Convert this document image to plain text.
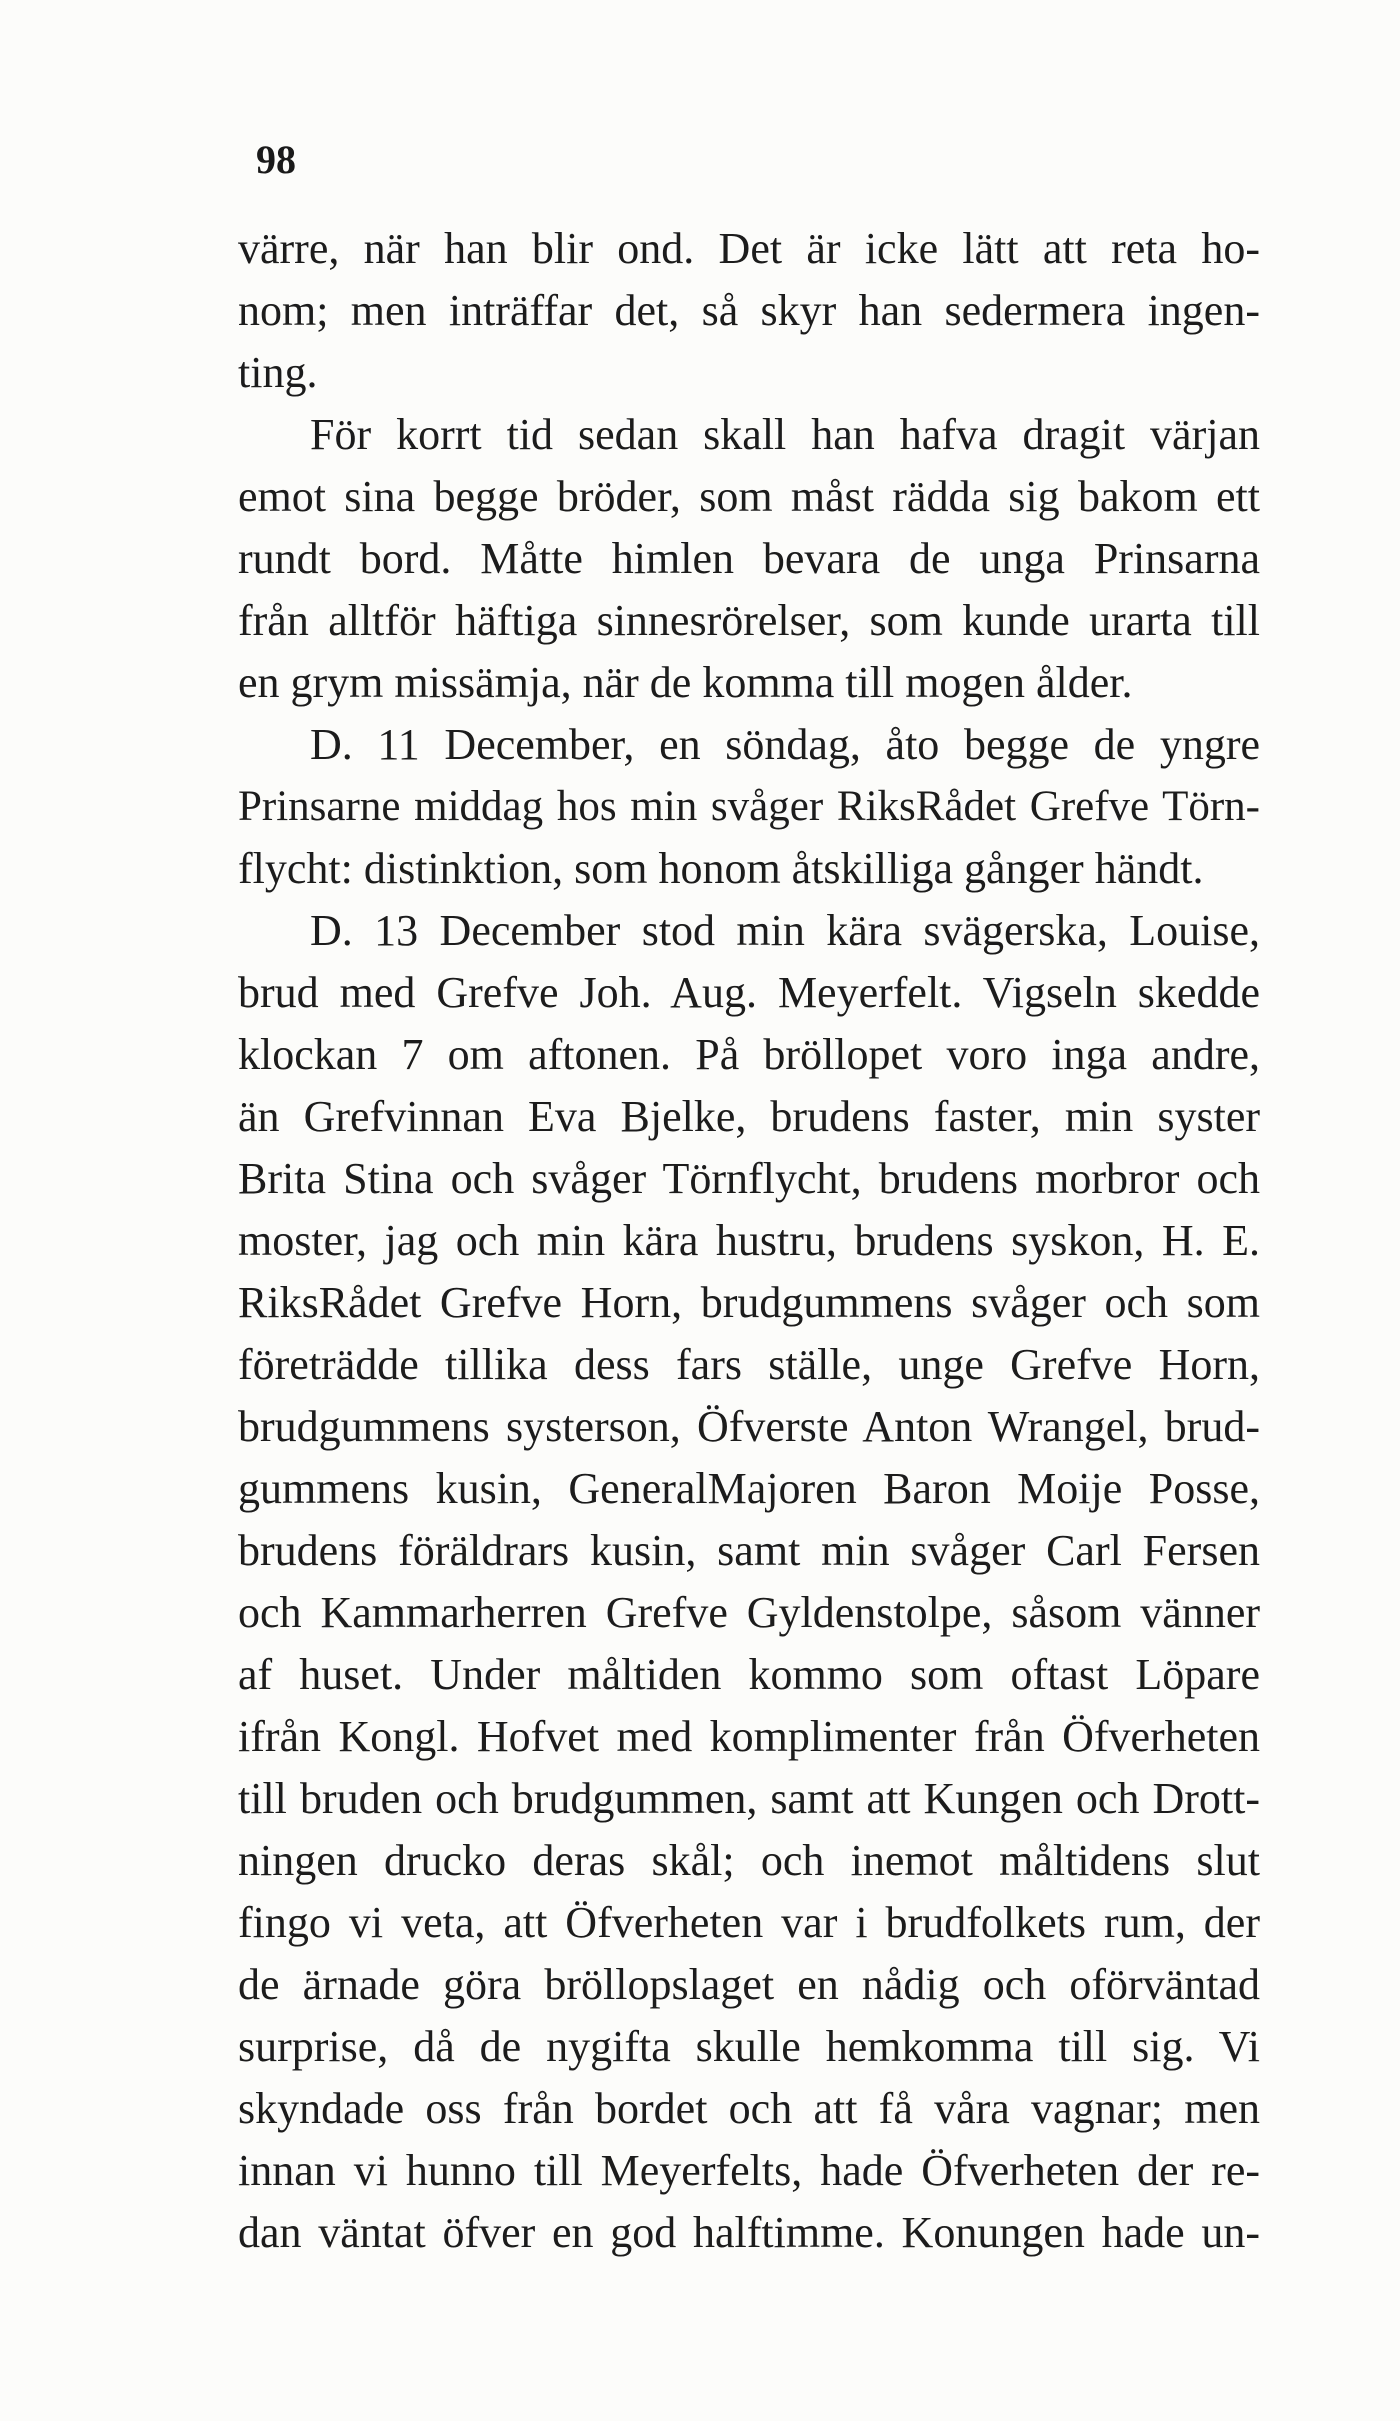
98
värre, när han blir ond. Det är icke lätt att reta ho-
nom; men inträffar det, så skyr han sedermera ingen-
ting.
För korrt tid sedan skall han hafva dragit värjan
emot sina begge bröder, som måst rädda sig bakom ett
rundt bord. Måtte himlen bevara de unga Prinsarna
från alltför häftiga sinnesrörelser, som kunde urarta till
en grym missämja, när de komma till mogen ålder.
D. 11 December, en söndag, åto begge de yngre
Prinsarne middag hos min svåger RiksRådet Grefve Törn-
flycht: distinktion, som honom åtskilliga gånger händt.
D. 13 December stod min kära svägerska, Louise,
brud med Grefve Joh. Aug. Meyerfelt. Vigseln skedde
klockan 7 om aftonen. På bröllopet voro inga andre,
än Grefvinnan Eva Bjelke, brudens faster, min syster
Brita Stina och svåger Törnflycht, brudens morbror och
moster, jag och min kära hustru, brudens syskon, H. E.
RiksRådet Grefve Horn, brudgummens svåger och som
företrädde tillika dess fars ställe, unge Grefve Horn,
brudgummens systerson, Öfverste Anton Wrangel, brud-
gummens kusin, GeneralMajoren Baron Moije Posse,
brudens föräldrars kusin, samt min svåger Carl Fersen
och Kammarherren Grefve Gyldenstolpe, såsom vänner
af huset. Under måltiden kommo som oftast Löpare
ifrån Kongl. Hofvet med komplimenter från Öfverheten
till bruden och brudgummen, samt att Kungen och Drott-
ningen drucko deras skål; och inemot måltidens slut
fingo vi veta, att Öfverheten var i brudfolkets rum, der
de ärnade göra bröllopslaget en nådig och oförväntad
surprise, då de nygifta skulle hemkomma till sig. Vi
skyndade oss från bordet och att få våra vagnar; men
innan vi hunno till Meyerfelts, hade Öfverheten der re-
dan väntat öfver en god halftimme. Konungen hade un-
